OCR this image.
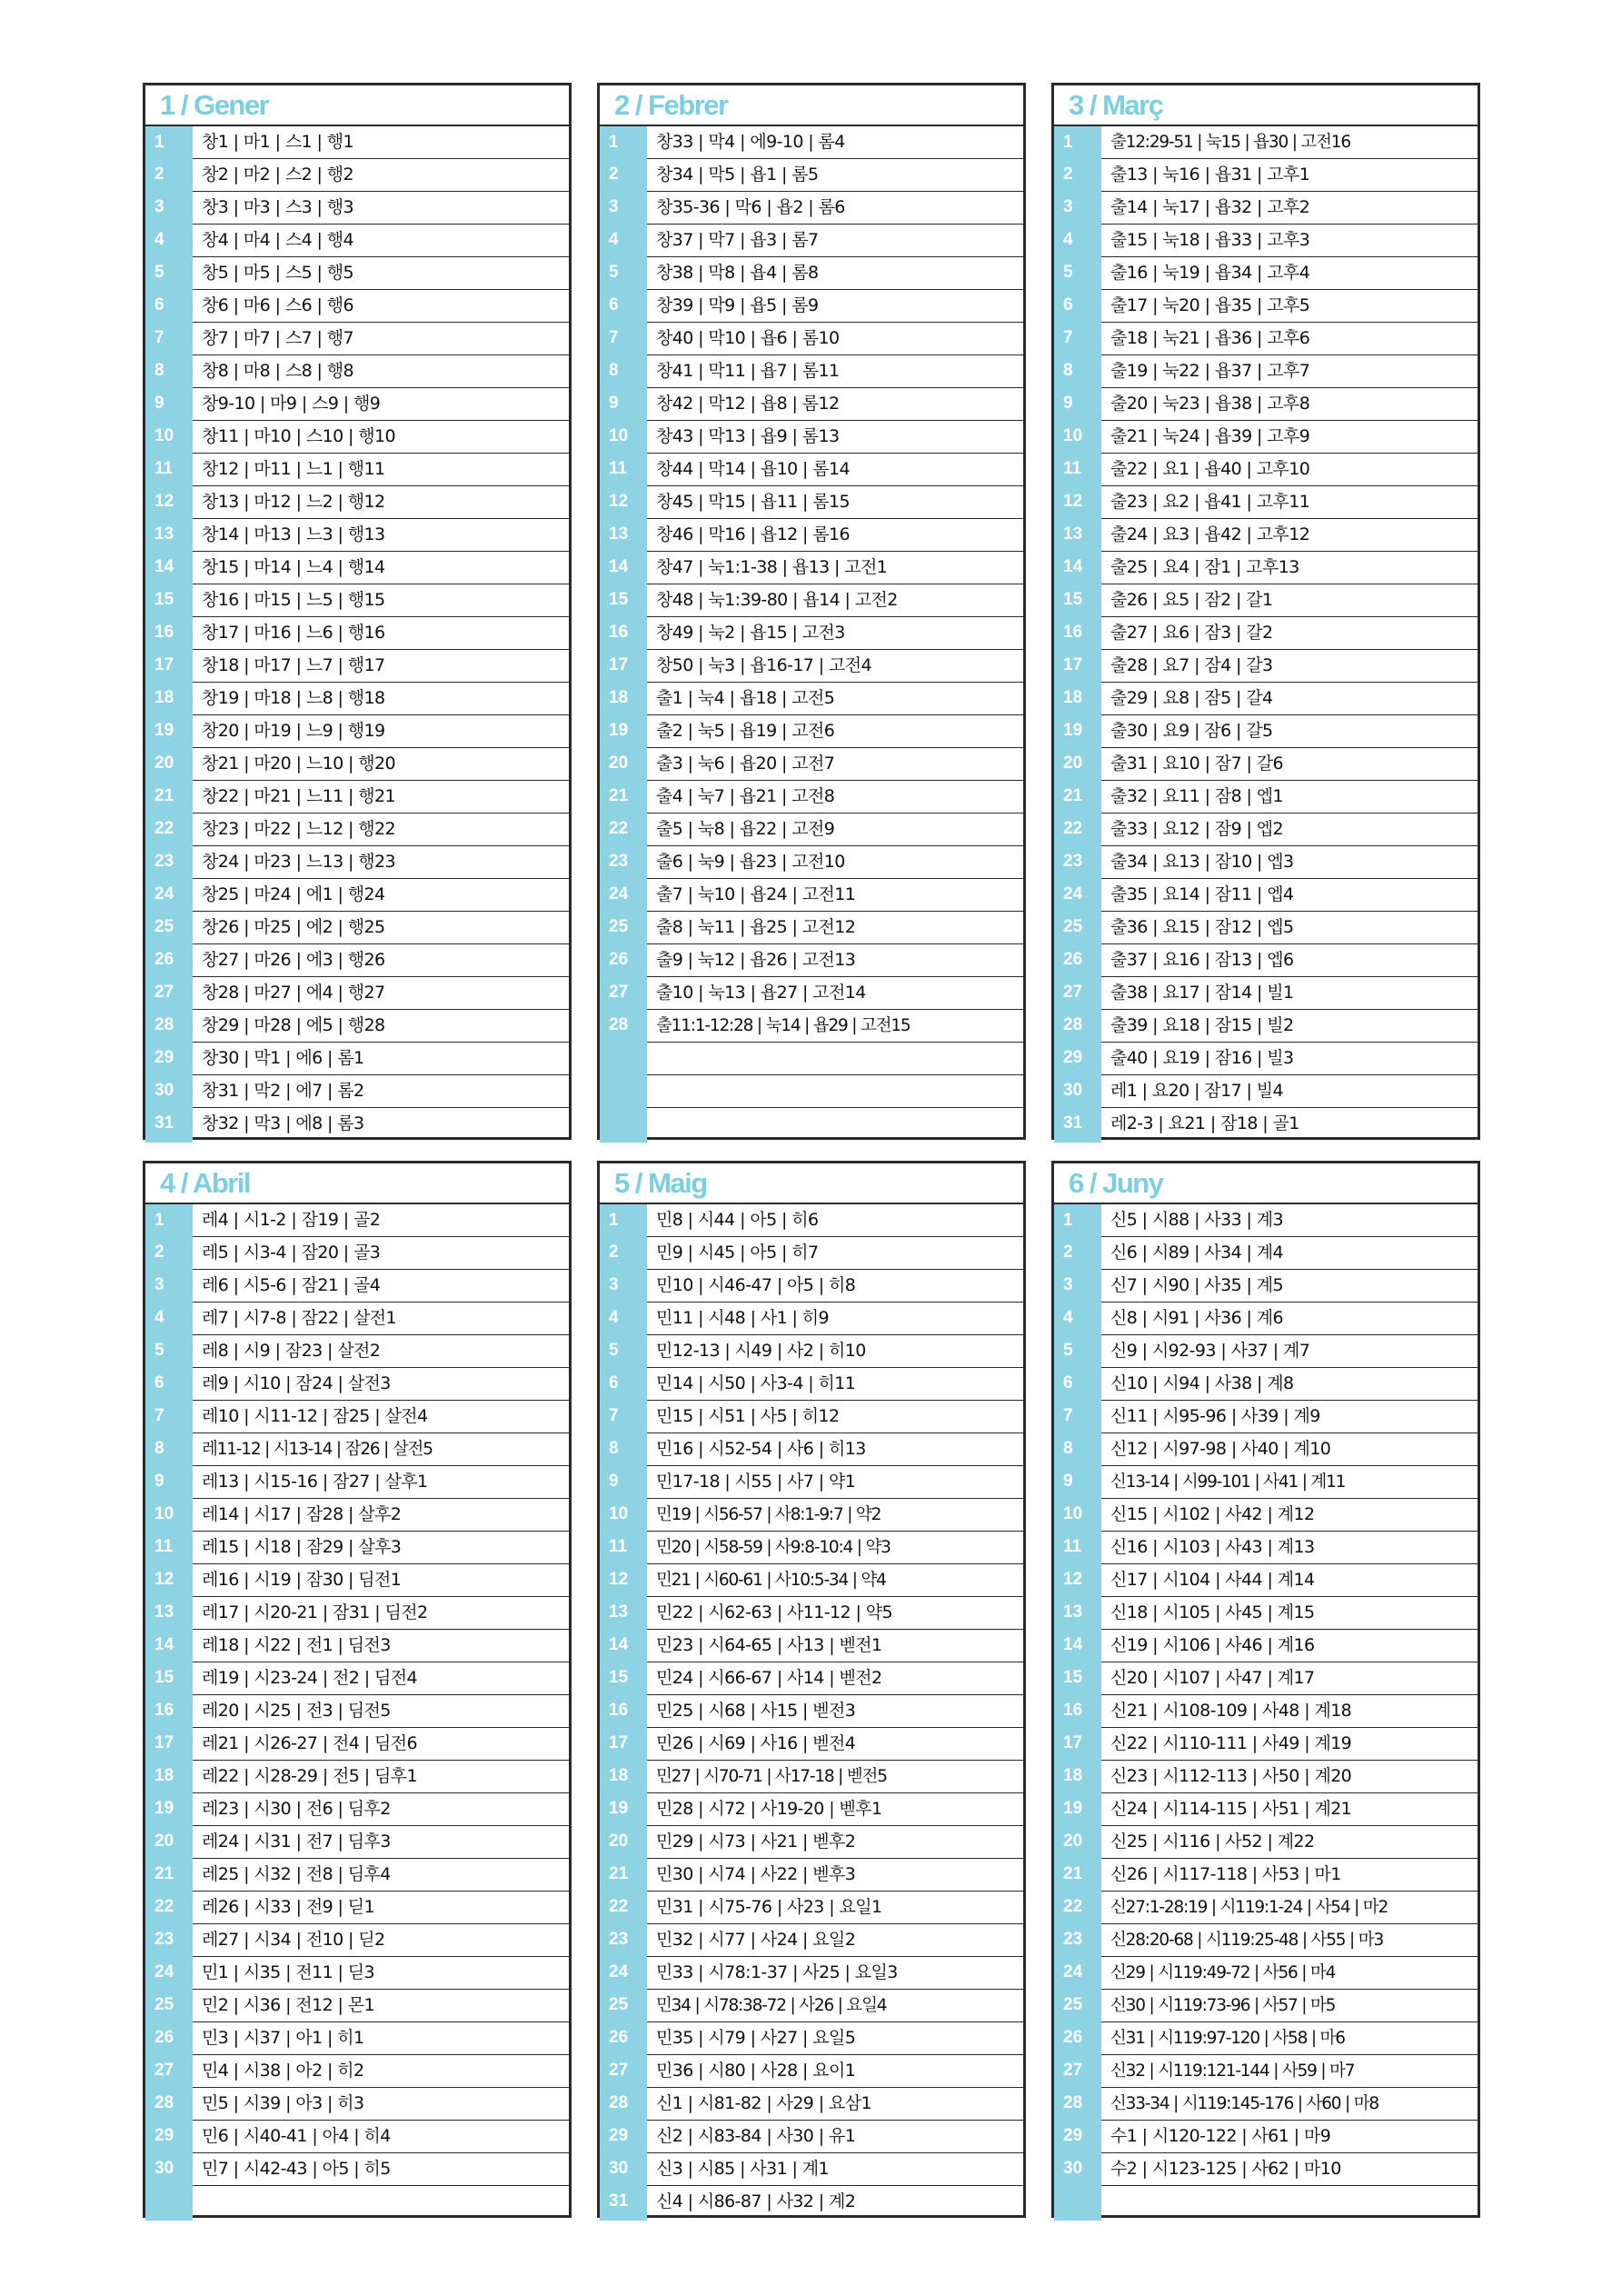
1 / Gener
1	창1 | 마1 | 스1 | 행1
2	창2 | 마2 | 스2 | 행2
3	창3 | 마3 | 스3 | 행3
4	창4 | 마4 | 스4 | 행4
5	창5 | 마5 | 스5 | 행5
6	창6 | 마6 | 스6 | 행6
7	창7 | 마7 | 스7 | 행7
8	창8 | 마8 | 스8 | 행8
9	창9-10 | 마9 | 스9 | 행9
10	창11 | 마10 | 스10 | 행10
11	창12 | 마11 | 느1 | 행11
12	창13 | 마12 | 느2 | 행12
13	창14 | 마13 | 느3 | 행13
14	창15 | 마14 | 느4 | 행14
15	창16 | 마15 | 느5 | 행15
16	창17 | 마16 | 느6 | 행16
17	창18 | 마17 | 느7 | 행17
18	창19 | 마18 | 느8 | 행18
19	창20 | 마19 | 느9 | 행19
20	창21 | 마20 | 느10 | 행20
21	창22 | 마21 | 느11 | 행21
22	창23 | 마22 | 느12 | 행22
23	창24 | 마23 | 느13 | 행23
24	창25 | 마24 | 에1 | 행24
25	창26 | 마25 | 에2 | 행25
26	창27 | 마26 | 에3 | 행26
27	창28 | 마27 | 에4 | 행27
28	창29 | 마28 | 에5 | 행28
29	창30 | 막1 | 에6 | 롬1
30	창31 | 막2 | 에7 | 롬2
31	창32 | 막3 | 에8 | 롬3
2 / Febrer
1	창33 | 막4 | 에9-10 | 롬4
2	창34 | 막5 | 욥1 | 롬5
3	창35-36 | 막6 | 욥2 | 롬6
4	창37 | 막7 | 욥3 | 롬7
5	창38 | 막8 | 욥4 | 롬8
6	창39 | 막9 | 욥5 | 롬9
7	창40 | 막10 | 욥6 | 롬10
8	창41 | 막11 | 욥7 | 롬11
9	창42 | 막12 | 욥8 | 롬12
10	창43 | 막13 | 욥9 | 롬13
11	창44 | 막14 | 욥10 | 롬14
12	창45 | 막15 | 욥11 | 롬15
13	창46 | 막16 | 욥12 | 롬16
14	창47 | 눅1:1-38 | 욥13 | 고전1
15	창48 | 눅1:39-80 | 욥14 | 고전2
16	창49 | 눅2 | 욥15 | 고전3
17	창50 | 눅3 | 욥16-17 | 고전4
18	출1 | 눅4 | 욥18 | 고전5
19	출2 | 눅5 | 욥19 | 고전6
20	출3 | 눅6 | 욥20 | 고전7
21	출4 | 눅7 | 욥21 | 고전8
22	출5 | 눅8 | 욥22 | 고전9
23	출6 | 눅9 | 욥23 | 고전10
24	출7 | 눅10 | 욥24 | 고전11
25	출8 | 눅11 | 욥25 | 고전12
26	출9 | 눅12 | 욥26 | 고전13
27	출10 | 눅13 | 욥27 | 고전14
28	출11:1-12:28 | 눅14 | 욥29 | 고전15
3 / Març
1	출12:29-51 | 눅15 | 욥30 | 고전16
2	출13 | 눅16 | 욥31 | 고후1
3	출14 | 눅17 | 욥32 | 고후2
4	출15 | 눅18 | 욥33 | 고후3
5	출16 | 눅19 | 욥34 | 고후4
6	출17 | 눅20 | 욥35 | 고후5
7	출18 | 눅21 | 욥36 | 고후6
8	출19 | 눅22 | 욥37 | 고후7
9	출20 | 눅23 | 욥38 | 고후8
10	출21 | 눅24 | 욥39 | 고후9
11	출22 | 요1 | 욥40 | 고후10
12	출23 | 요2 | 욥41 | 고후11
13	출24 | 요3 | 욥42 | 고후12
14	출25 | 요4 | 잠1 | 고후13
15	출26 | 요5 | 잠2 | 갈1
16	출27 | 요6 | 잠3 | 갈2
17	출28 | 요7 | 잠4 | 갈3
18	출29 | 요8 | 잠5 | 갈4
19	출30 | 요9 | 잠6 | 갈5
20	출31 | 요10 | 잠7 | 갈6
21	출32 | 요11 | 잠8 | 엡1
22	출33 | 요12 | 잠9 | 엡2
23	출34 | 요13 | 잠10 | 엡3
24	출35 | 요14 | 잠11 | 엡4
25	출36 | 요15 | 잠12 | 엡5
26	출37 | 요16 | 잠13 | 엡6
27	출38 | 요17 | 잠14 | 빌1
28	출39 | 요18 | 잠15 | 빌2
29	출40 | 요19 | 잠16 | 빌3
30	레1 | 요20 | 잠17 | 빌4
31	레2-3 | 요21 | 잠18 | 골1
4 / Abril
1	레4 | 시1-2 | 잠19 | 골2
2	레5 | 시3-4 | 잠20 | 골3
3	레6 | 시5-6 | 잠21 | 골4
4	레7 | 시7-8 | 잠22 | 살전1
5	레8 | 시9 | 잠23 | 살전2
6	레9 | 시10 | 잠24 | 살전3
7	레10 | 시11-12 | 잠25 | 살전4
8	레11-12 | 시13-14 | 잠26 | 살전5
9	레13 | 시15-16 | 잠27 | 살후1
10	레14 | 시17 | 잠28 | 살후2
11	레15 | 시18 | 잠29 | 살후3
12	레16 | 시19 | 잠30 | 딤전1
13	레17 | 시20-21 | 잠31 | 딤전2
14	레18 | 시22 | 전1 | 딤전3
15	레19 | 시23-24 | 전2 | 딤전4
16	레20 | 시25 | 전3 | 딤전5
17	레21 | 시26-27 | 전4 | 딤전6
18	레22 | 시28-29 | 전5 | 딤후1
19	레23 | 시30 | 전6 | 딤후2
20	레24 | 시31 | 전7 | 딤후3
21	레25 | 시32 | 전8 | 딤후4
22	레26 | 시33 | 전9 | 딛1
23	레27 | 시34 | 전10 | 딛2
24	민1 | 시35 | 전11 | 딛3
25	민2 | 시36 | 전12 | 몬1
26	민3 | 시37 | 아1 | 히1
27	민4 | 시38 | 아2 | 히2
28	민5 | 시39 | 아3 | 히3
29	민6 | 시40-41 | 아4 | 히4
30	민7 | 시42-43 | 아5 | 히5
5 / Maig
1	민8 | 시44 | 아5 | 히6
2	민9 | 시45 | 아5 | 히7
3	민10 | 시46-47 | 아5 | 히8
4	민11 | 시48 | 사1 | 히9
5	민12-13 | 시49 | 사2 | 히10
6	민14 | 시50 | 사3-4 | 히11
7	민15 | 시51 | 사5 | 히12
8	민16 | 시52-54 | 사6 | 히13
9	민17-18 | 시55 | 사7 | 약1
10	민19 | 시56-57 | 사8:1-9:7 | 약2
11	민20 | 시58-59 | 사9:8-10:4 | 약3
12	민21 | 시60-61 | 사10:5-34 | 약4
13	민22 | 시62-63 | 사11-12 | 약5
14	민23 | 시64-65 | 사13 | 벧전1
15	민24 | 시66-67 | 사14 | 벧전2
16	민25 | 시68 | 사15 | 벧전3
17	민26 | 시69 | 사16 | 벧전4
18	민27 | 시70-71 | 사17-18 | 벧전5
19	민28 | 시72 | 사19-20 | 벧후1
20	민29 | 시73 | 사21 | 벧후2
21	민30 | 시74 | 사22 | 벧후3
22	민31 | 시75-76 | 사23 | 요일1
23	민32 | 시77 | 사24 | 요일2
24	민33 | 시78:1-37 | 사25 | 요일3
25	민34 | 시78:38-72 | 사26 | 요일4
26	민35 | 시79 | 사27 | 요일5
27	민36 | 시80 | 사28 | 요이1
28	신1 | 시81-82 | 사29 | 요삼1
29	신2 | 시83-84 | 사30 | 유1
30	신3 | 시85 | 사31 | 계1
31	신4 | 시86-87 | 사32 | 계2
6 / Juny
1	신5 | 시88 | 사33 | 계3
2	신6 | 시89 | 사34 | 계4
3	신7 | 시90 | 사35 | 계5
4	신8 | 시91 | 사36 | 계6
5	신9 | 시92-93 | 사37 | 계7
6	신10 | 시94 | 사38 | 계8
7	신11 | 시95-96 | 사39 | 계9
8	신12 | 시97-98 | 사40 | 계10
9	신13-14 | 시99-101 | 사41 | 계11
10	신15 | 시102 | 사42 | 계12
11	신16 | 시103 | 사43 | 계13
12	신17 | 시104 | 사44 | 계14
13	신18 | 시105 | 사45 | 계15
14	신19 | 시106 | 사46 | 계16
15	신20 | 시107 | 사47 | 계17
16	신21 | 시108-109 | 사48 | 계18
17	신22 | 시110-111 | 사49 | 계19
18	신23 | 시112-113 | 사50 | 계20
19	신24 | 시114-115 | 사51 | 계21
20	신25 | 시116 | 사52 | 계22
21	신26 | 시117-118 | 사53 | 마1
22	신27:1-28:19 | 시119:1-24 | 사54 | 마2
23	신28:20-68 | 시119:25-48 | 사55 | 마3
24	신29 | 시119:49-72 | 사56 | 마4
25	신30 | 시119:73-96 | 사57 | 마5
26	신31 | 시119:97-120 | 사58 | 마6
27	신32 | 시119:121-144 | 사59 | 마7
28	신33-34 | 시119:145-176 | 사60 | 마8
29	수1 | 시120-122 | 사61 | 마9
30	수2 | 시123-125 | 사62 | 마10
